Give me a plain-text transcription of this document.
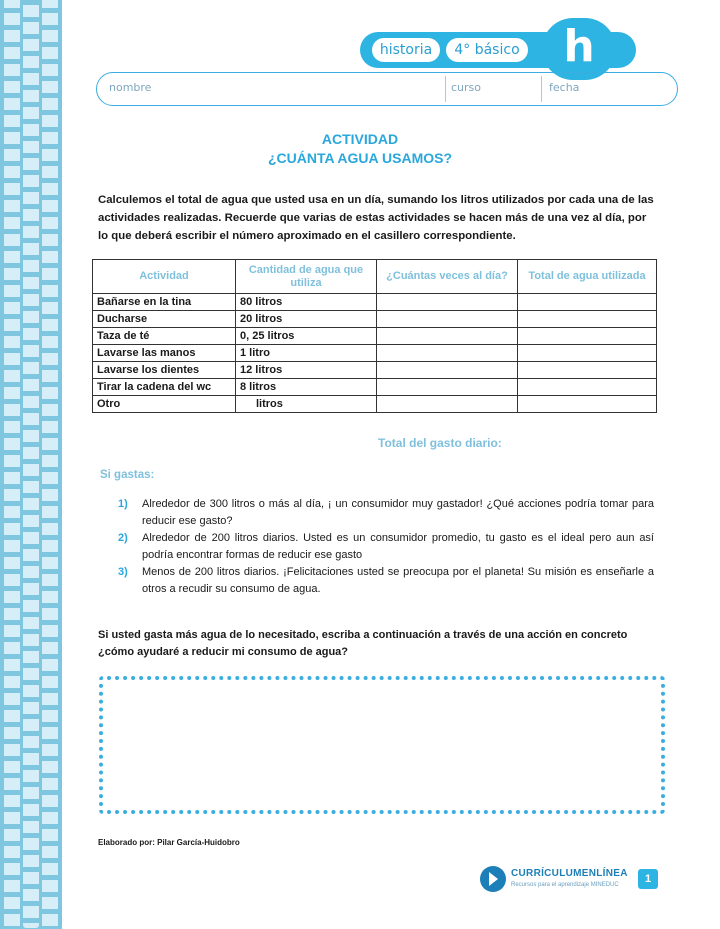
historia	4° básico h
nombre	curso	fecha
ACTIVIDAD
¿CUÁNTA AGUA USAMOS?
Calculemos el total de agua que usted usa en un día, sumando los litros utilizados por cada una de las actividades realizadas. Recuerde que varias de estas actividades se hacen más de una vez al día, por lo que deberá escribir el número aproximado en el casillero correspondiente.
Actividad	Cantidad de agua que utiliza	¿Cuántas veces al día?	Total de agua utilizada
Bañarse en la tina	80 litros		
Ducharse	20 litros		
Taza de té	0, 25 litros		
Lavarse las manos	1 litro		
Lavarse los dientes	12 litros		
Tirar la cadena del wc	8 litros		
Otro	litros		
Total del gasto diario:
Si gastas:
1) Alrededor de 300 litros o más al día, ¡ un consumidor muy gastador! ¿Qué acciones podría tomar para reducir ese gasto?
2) Alrededor de 200 litros diarios. Usted es un consumidor promedio, tu gasto es el ideal pero aun así podría encontrar formas de reducir ese gasto
3) Menos de 200 litros diarios. ¡Felicitaciones usted se preocupa por el planeta! Su misión es enseñarle a otros a recudir su consumo de agua.
Si usted gasta más agua de lo necesitado, escriba a continuación a través de una acción en concreto ¿cómo ayudaré a reducir mi consumo de agua?
Elaborado por: Pilar García-Huidobro
CURRÍCULUMENLÍNEA
Recursos para el aprendizaje MINEDUC	1
